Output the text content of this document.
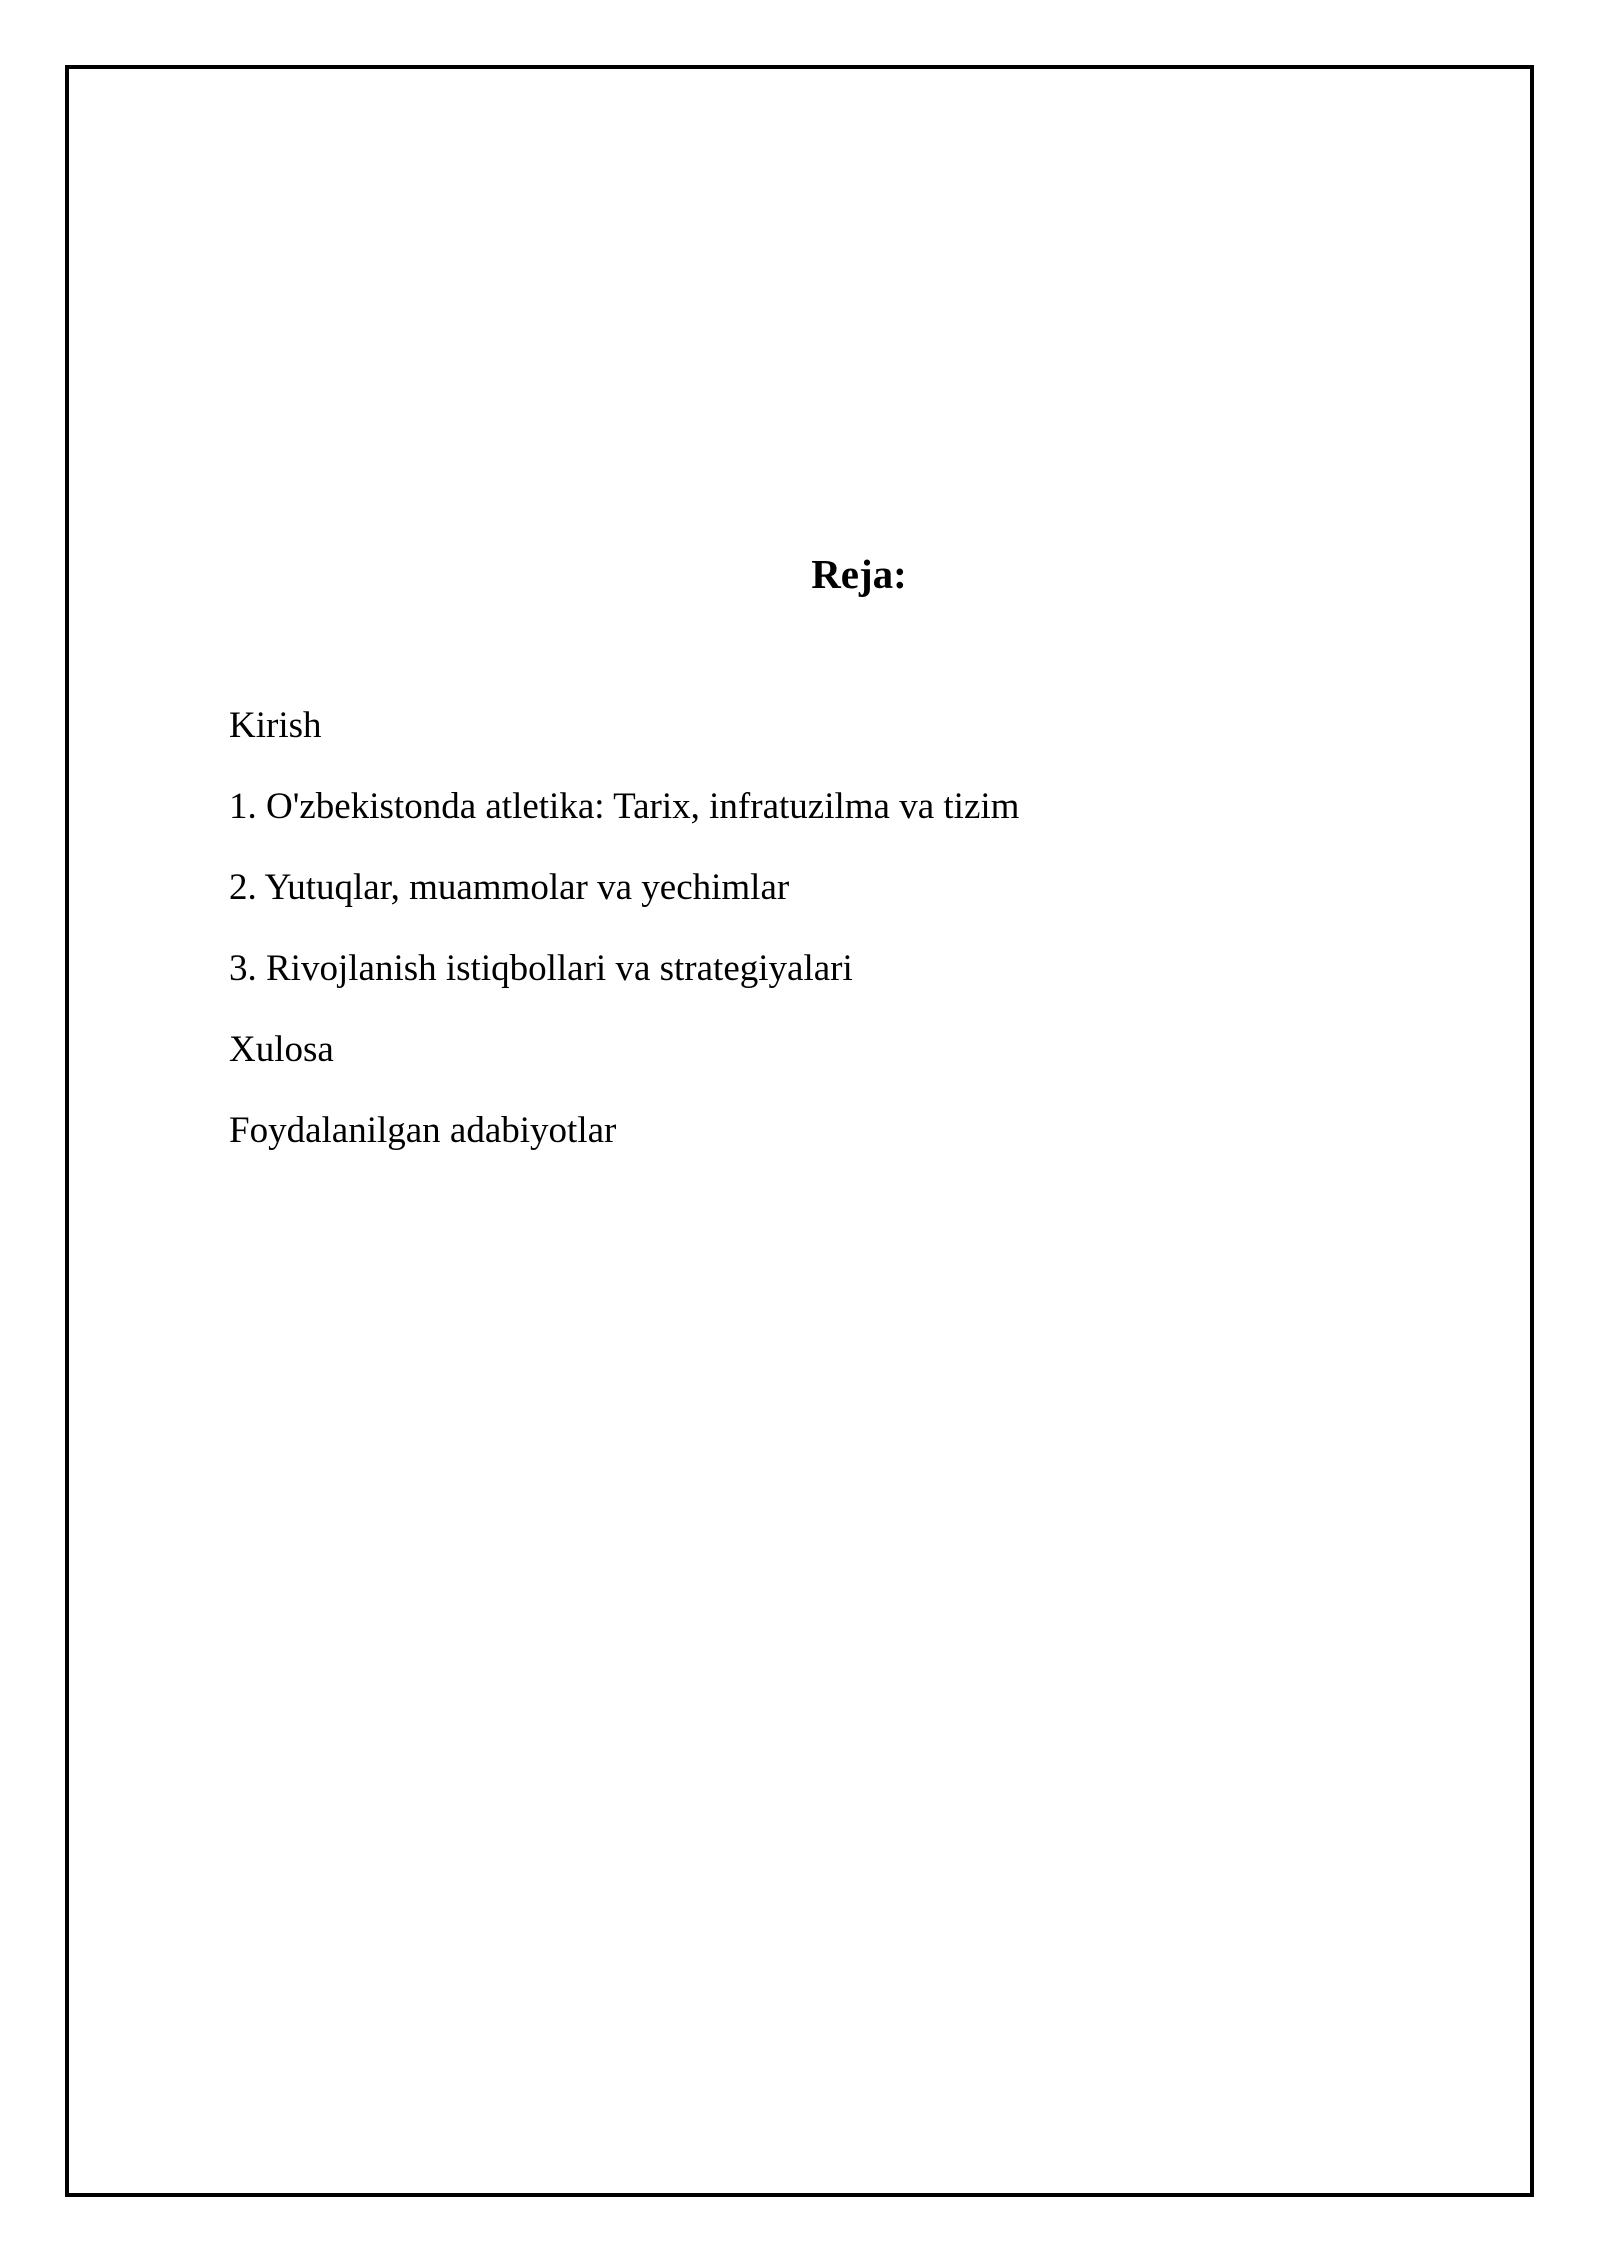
Reja:
Kirish
1. O'zbekistonda atletika: Tarix, infratuzilma va tizim
2. Yutuqlar, muammolar va yechimlar
3. Rivojlanish istiqbollari va strategiyalari
Xulosa
Foydalanilgan adabiyotlar
